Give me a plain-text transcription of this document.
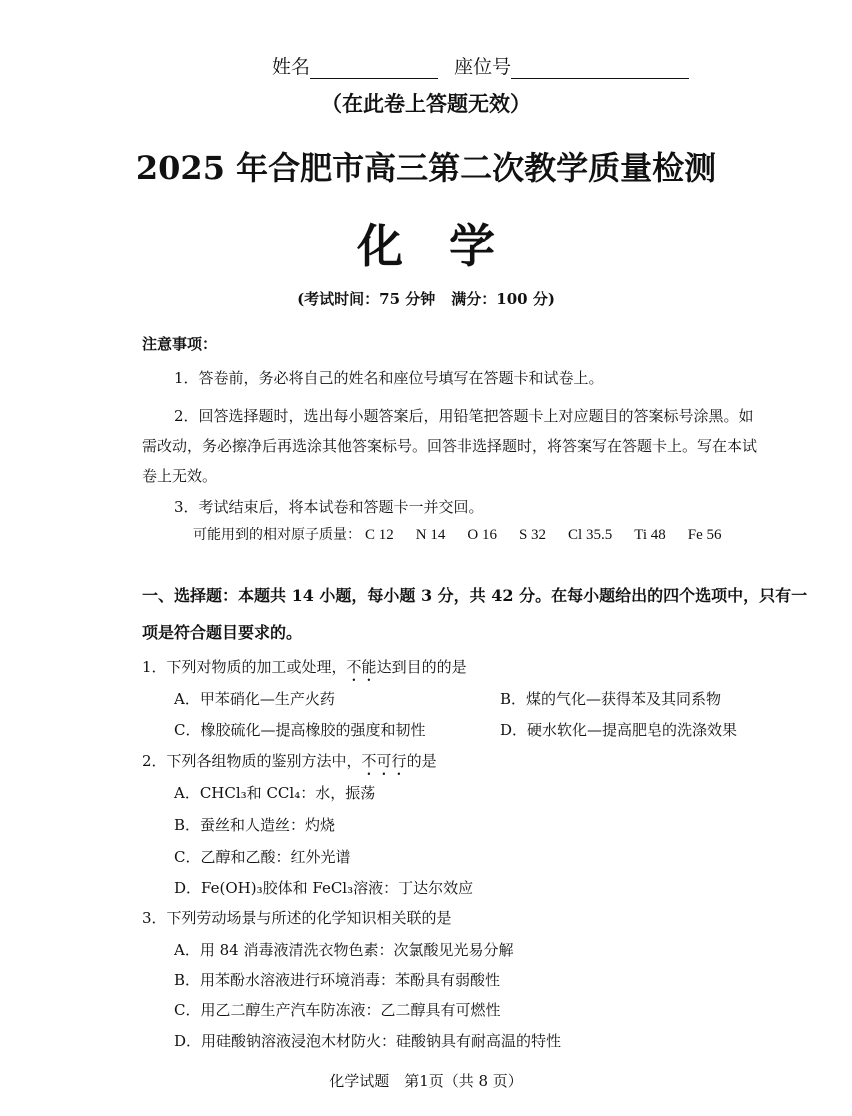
姓名	座位号
（在此卷上答题无效）
2025 年合肥市高三第二次教学质量检测
化学
(考试时间：75 分钟 满分：100 分)
注意事项：
1．答卷前，务必将自己的姓名和座位号填写在答题卡和试卷上。
2．回答选择题时，选出每小题答案后，用铅笔把答题卡上对应题目的答案标号涂黑。如
需改动，务必擦净后再选涂其他答案标号。回答非选择题时，将答案写在答题卡上。写在本试
卷上无效。
3．考试结束后，将本试卷和答题卡一并交回。
可能用到的相对原子质量： C 12 N 14 O 16 S 32 Cl 35.5 Ti 48 Fe 56
一、选择题：本题共 14 小题，每小题 3 分，共 42 分。在每小题给出的四个选项中，只有一
项是符合题目要求的。
1．下列对物质的加工或处理，不能达到目的的是
A．甲苯硝化—生产火药	B．煤的气化—获得苯及其同系物
C．橡胶硫化—提高橡胶的强度和韧性	D．硬水软化—提高肥皂的洗涤效果
2．下列各组物质的鉴别方法中，不可行的是
A．CHCl₃和 CCl₄：水，振荡
B．蚕丝和人造丝：灼烧
C．乙醇和乙酸：红外光谱
D．Fe(OH)₃胶体和 FeCl₃溶液：丁达尔效应
3．下列劳动场景与所述的化学知识相关联的是
A．用 84 消毒液清洗衣物色素：次氯酸见光易分解
B．用苯酚水溶液进行环境消毒：苯酚具有弱酸性
C．用乙二醇生产汽车防冻液：乙二醇具有可燃性
D．用硅酸钠溶液浸泡木材防火：硅酸钠具有耐高温的特性
化学试题　第1页（共 8 页）
